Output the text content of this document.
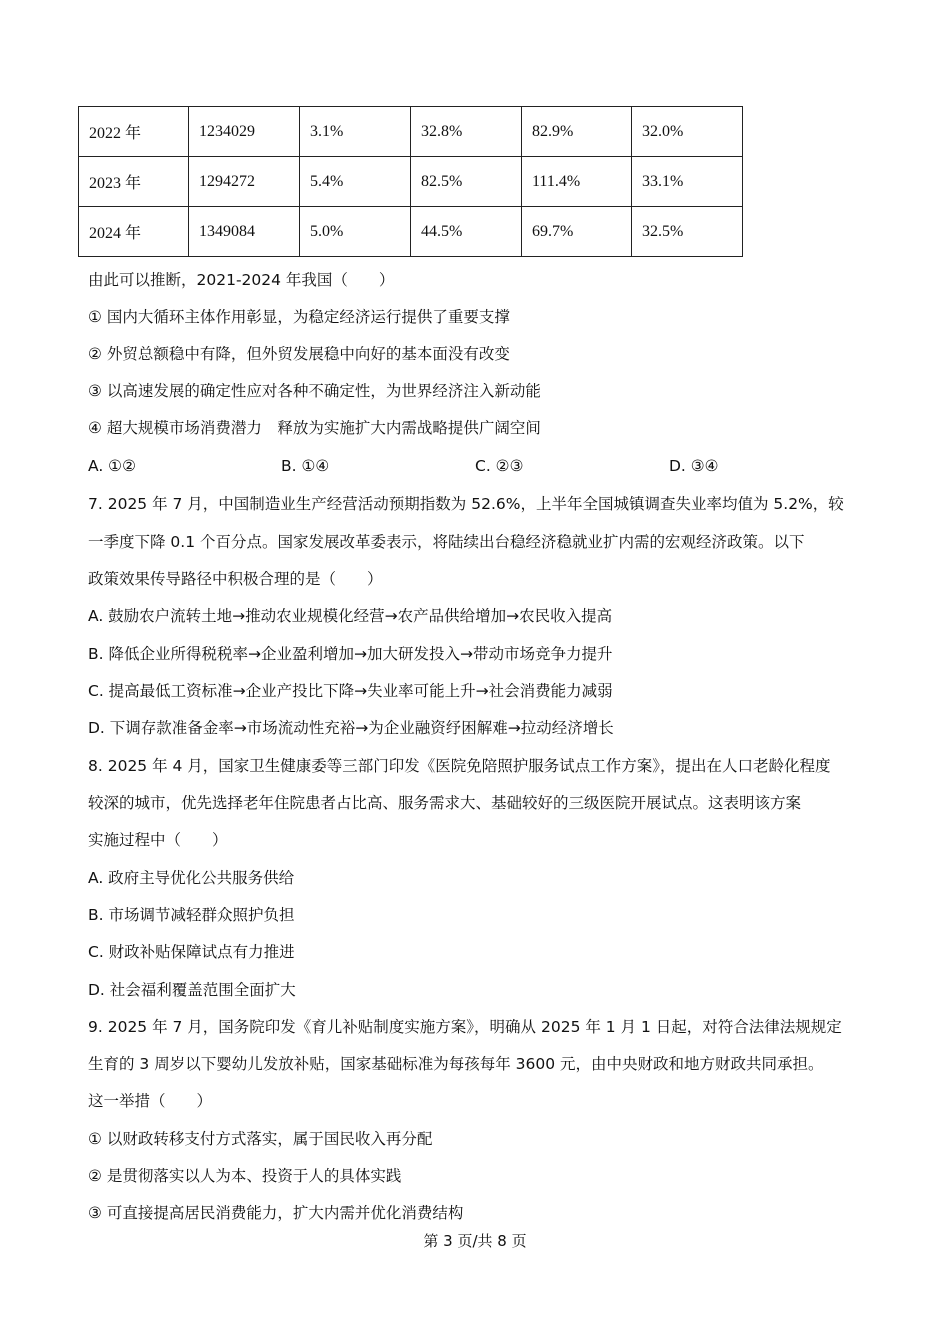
2022 年	1234029	3.1%	32.8%	82.9%	32.0%
2023 年	1294272	5.4%	82.5%	111.4%	33.1%
2024 年	1349084	5.0%	44.5%	69.7%	32.5%
由此可以推断，2021-2024 年我国（　　）
① 国内大循环主体作用彰显，为稳定经济运行提供了重要支撑
② 外贸总额稳中有降，但外贸发展稳中向好的基本面没有改变
③ 以高速发展的确定性应对各种不确定性，为世界经济注入新动能
④ 超大规模市场消费潜力　释放为实施扩大内需战略提供广阔空间
A. ①②	B. ①④	C. ②③	D. ③④
7. 2025 年 7 月，中国制造业生产经营活动预期指数为 52.6%，上半年全国城镇调查失业率均值为 5.2%，较
一季度下降 0.1 个百分点。国家发展改革委表示，将陆续出台稳经济稳就业扩内需的宏观经济政策。以下
政策效果传导路径中积极合理的是（　　）
A. 鼓励农户流转土地→推动农业规模化经营→农产品供给增加→农民收入提高
B. 降低企业所得税税率→企业盈利增加→加大研发投入→带动市场竞争力提升
C. 提高最低工资标准→企业产投比下降→失业率可能上升→社会消费能力减弱
D. 下调存款准备金率→市场流动性充裕→为企业融资纾困解难→拉动经济增长
8. 2025 年 4 月，国家卫生健康委等三部门印发《医院免陪照护服务试点工作方案》，提出在人口老龄化程度
较深的城市，优先选择老年住院患者占比高、服务需求大、基础较好的三级医院开展试点。这表明该方案
实施过程中（　　）
A. 政府主导优化公共服务供给
B. 市场调节减轻群众照护负担
C. 财政补贴保障试点有力推进
D. 社会福利覆盖范围全面扩大
9. 2025 年 7 月，国务院印发《育儿补贴制度实施方案》，明确从 2025 年 1 月 1 日起，对符合法律法规规定
生育的 3 周岁以下婴幼儿发放补贴，国家基础标准为每孩每年 3600 元，由中央财政和地方财政共同承担。
这一举措（　　）
① 以财政转移支付方式落实，属于国民收入再分配
② 是贯彻落实以人为本、投资于人的具体实践
③ 可直接提高居民消费能力，扩大内需并优化消费结构
第 3 页/共 8 页
